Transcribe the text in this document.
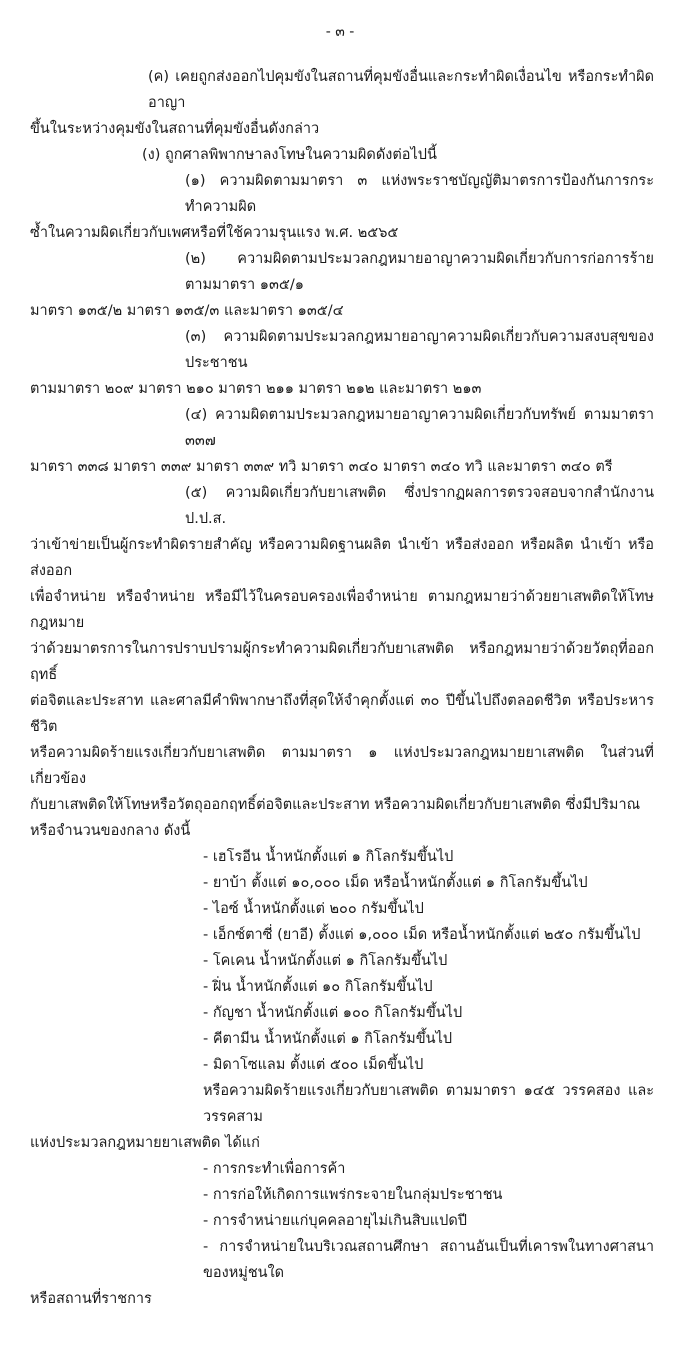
- ๓ -
(ค) เคยถูกส่งออกไปคุมขังในสถานที่คุมขังอื่นและกระทำผิดเงื่อนไข หรือกระทำผิดอาญา
ขึ้นในระหว่างคุมขังในสถานที่คุมขังอื่นดังกล่าว
(ง) ถูกศาลพิพากษาลงโทษในความผิดดังต่อไปนี้
(๑) ความผิดตามมาตรา ๓ แห่งพระราชบัญญัติมาตรการป้องกันการกระทำความผิด
ซ้ำในความผิดเกี่ยวกับเพศหรือที่ใช้ความรุนแรง พ.ศ. ๒๕๖๕
(๒) ความผิดตามประมวลกฎหมายอาญาความผิดเกี่ยวกับการก่อการร้าย ตามมาตรา ๑๓๕/๑
มาตรา ๑๓๕/๒ มาตรา ๑๓๕/๓ และมาตรา ๑๓๕/๔
(๓) ความผิดตามประมวลกฎหมายอาญาความผิดเกี่ยวกับความสงบสุขของประชาชน
ตามมาตรา ๒๐๙ มาตรา ๒๑๐ มาตรา ๒๑๑ มาตรา ๒๑๒ และมาตรา ๒๑๓
(๔) ความผิดตามประมวลกฎหมายอาญาความผิดเกี่ยวกับทรัพย์ ตามมาตรา ๓๓๗
มาตรา ๓๓๘ มาตรา ๓๓๙ มาตรา ๓๓๙ ทวิ มาตรา ๓๔๐ มาตรา ๓๔๐ ทวิ และมาตรา ๓๔๐ ตรี
(๕) ความผิดเกี่ยวกับยาเสพติด ซึ่งปรากฏผลการตรวจสอบจากสำนักงาน ป.ป.ส.
ว่าเข้าข่ายเป็นผู้กระทำผิดรายสำคัญ หรือความผิดฐานผลิต นำเข้า หรือส่งออก หรือผลิต นำเข้า หรือส่งออก
เพื่อจำหน่าย หรือจำหน่าย หรือมีไว้ในครอบครองเพื่อจำหน่าย ตามกฎหมายว่าด้วยยาเสพติดให้โทษ กฎหมาย
ว่าด้วยมาตรการในการปราบปรามผู้กระทำความผิดเกี่ยวกับยาเสพติด หรือกฎหมายว่าด้วยวัตถุที่ออกฤทธิ์
ต่อจิตและประสาท และศาลมีคำพิพากษาถึงที่สุดให้จำคุกตั้งแต่ ๓๐ ปีขึ้นไปถึงตลอดชีวิต หรือประหารชีวิต
หรือความผิดร้ายแรงเกี่ยวกับยาเสพติด ตามมาตรา ๑ แห่งประมวลกฎหมายยาเสพติด ในส่วนที่เกี่ยวข้อง
กับยาเสพติดให้โทษหรือวัตถุออกฤทธิ์ต่อจิตและประสาท หรือความผิดเกี่ยวกับยาเสพติด ซึ่งมีปริมาณ
หรือจำนวนของกลาง ดังนี้
- เฮโรอีน น้ำหนักตั้งแต่ ๑ กิโลกรัมขึ้นไป
- ยาบ้า ตั้งแต่ ๑๐,๐๐๐ เม็ด หรือน้ำหนักตั้งแต่ ๑ กิโลกรัมขึ้นไป
- ไอซ์ น้ำหนักตั้งแต่ ๒๐๐ กรัมขึ้นไป
- เอ็กซ์ตาซี่ (ยาอี) ตั้งแต่ ๑,๐๐๐ เม็ด หรือน้ำหนักตั้งแต่ ๒๕๐ กรัมขึ้นไป
- โคเคน น้ำหนักตั้งแต่ ๑ กิโลกรัมขึ้นไป
- ฝิ่น น้ำหนักตั้งแต่ ๑๐ กิโลกรัมขึ้นไป
- กัญชา น้ำหนักตั้งแต่ ๑๐๐ กิโลกรัมขึ้นไป
- คีตามีน น้ำหนักตั้งแต่ ๑ กิโลกรัมขึ้นไป
- มิดาโซแลม ตั้งแต่ ๕๐๐ เม็ดขึ้นไป
หรือความผิดร้ายแรงเกี่ยวกับยาเสพติด ตามมาตรา ๑๔๕ วรรคสอง และวรรคสาม
แห่งประมวลกฎหมายยาเสพติด ได้แก่
- การกระทำเพื่อการค้า
- การก่อให้เกิดการแพร่กระจายในกลุ่มประชาชน
- การจำหน่ายแก่บุคคลอายุไม่เกินสิบแปดปี
- การจำหน่ายในบริเวณสถานศึกษา สถานอันเป็นที่เคารพในทางศาสนาของหมู่ชนใด
หรือสถานที่ราชการ
